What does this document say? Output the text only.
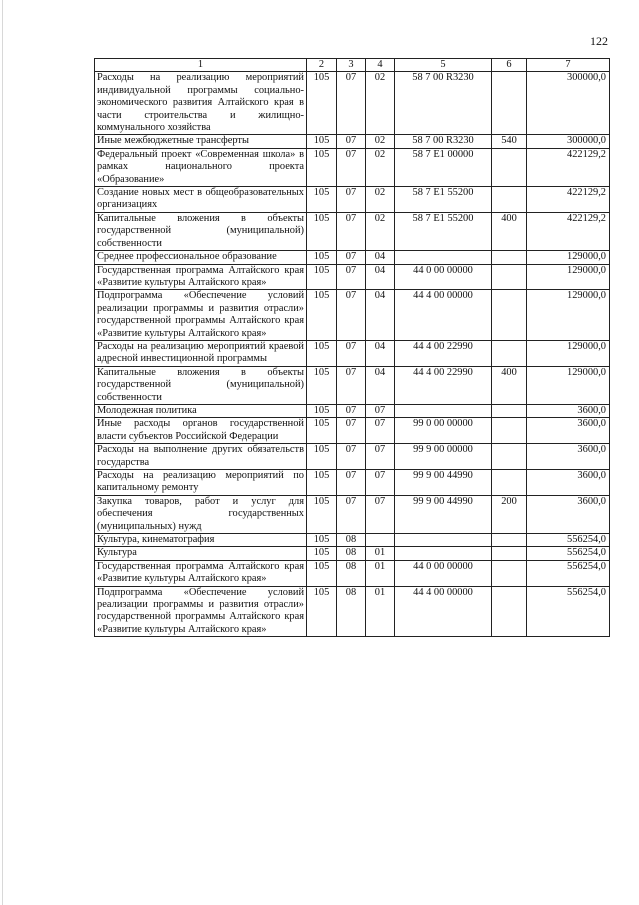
122
1	2	3	4	5	6	7
Расходы на реализацию мероприятий индивидуальной программы социально-экономического развития Алтайского края в части строительства и жилищно-коммунального хозяйства	105	07	02	58 7 00 R3230		300000,0
Иные межбюджетные трансферты	105	07	02	58 7 00 R3230	540	300000,0
Федеральный проект «Современная школа» в рамках национального проекта «Образование»	105	07	02	58 7 E1 00000		422129,2
Создание новых мест в общеобразовательных организациях	105	07	02	58 7 E1 55200		422129,2
Капитальные вложения в объекты государственной (муниципальной) собственности	105	07	02	58 7 E1 55200	400	422129,2
Среднее профессиональное образование	105	07	04			129000,0
Государственная программа Алтайского края «Развитие культуры Алтайского края»	105	07	04	44 0 00 00000		129000,0
Подпрограмма «Обеспечение условий реализации программы и развития отрасли» государственной программы Алтайского края «Развитие культуры Алтайского края»	105	07	04	44 4 00 00000		129000,0
Расходы на реализацию мероприятий краевой адресной инвестиционной программы	105	07	04	44 4 00 22990		129000,0
Капитальные вложения в объекты государственной (муниципальной) собственности	105	07	04	44 4 00 22990	400	129000,0
Молодежная политика	105	07	07			3600,0
Иные расходы органов государственной власти субъектов Российской Федерации	105	07	07	99 0 00 00000		3600,0
Расходы на выполнение других обязательств государства	105	07	07	99 9 00 00000		3600,0
Расходы на реализацию мероприятий по капитальному ремонту	105	07	07	99 9 00 44990		3600,0
Закупка товаров, работ и услуг для обеспечения государственных (муниципальных) нужд	105	07	07	99 9 00 44990	200	3600,0
Культура, кинематография	105	08				556254,0
Культура	105	08	01			556254,0
Государственная программа Алтайского края «Развитие культуры Алтайского края»	105	08	01	44 0 00 00000		556254,0
Подпрограмма «Обеспечение условий реализации программы и развития отрасли» государственной программы Алтайского края «Развитие культуры Алтайского края»	105	08	01	44 4 00 00000		556254,0
